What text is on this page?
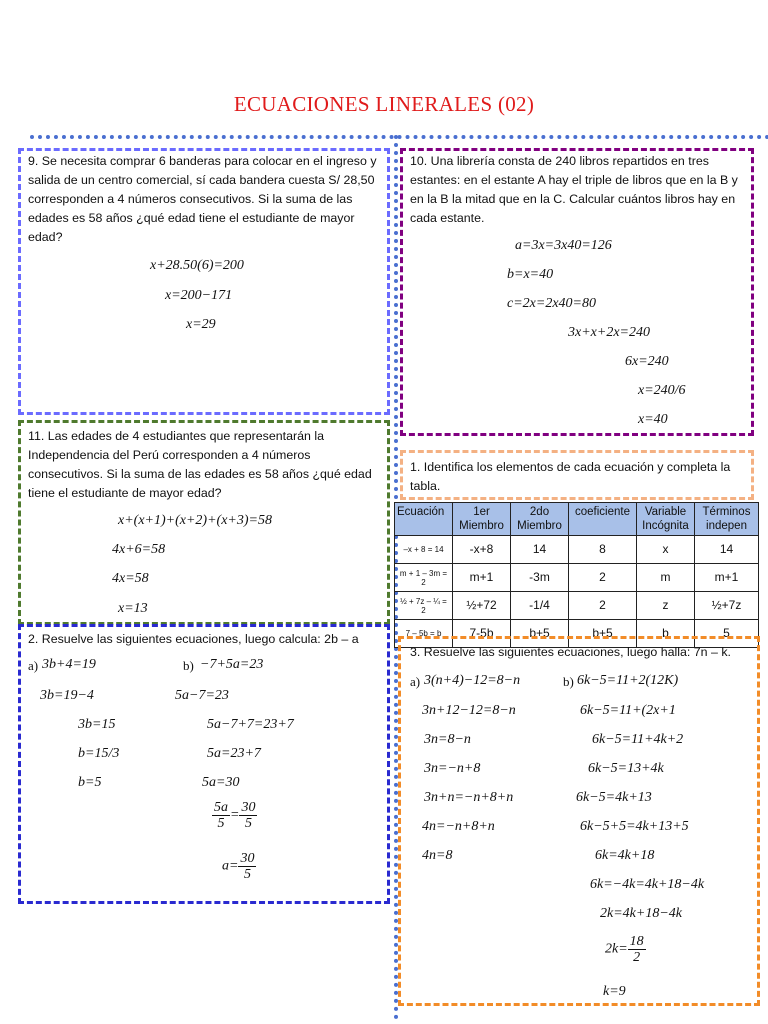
ECUACIONES LINERALES (02)
9. Se necesita comprar 6 banderas para colocar en el ingreso y salida de un centro comercial, sí cada bandera cuesta S/ 28,50 corresponden a 4 números consecutivos. Si la suma de las edades es 58 años ¿qué edad tiene el estudiante de mayor edad?
x+28.50(6)=200
x=200−171
x=29
10. Una librería consta de 240 libros repartidos en tres estantes: en el estante A hay el triple de libros que en la B y en la B la mitad que en la C. Calcular cuántos libros hay en cada estante.
a=3x=3x40=126
b=x=40
c=2x=2x40=80
3x+x+2x=240
6x=240
x=240/6
x=40
11. Las edades de 4 estudiantes que representarán la Independencia del Perú corresponden a 4 números consecutivos. Si la suma de las edades es 58 años ¿qué edad tiene el estudiante de mayor edad?
x+(x+1)+(x+2)+(x+3)=58
4x+6=58
4x=58
x=13
1. Identifica los elementos de cada ecuación y completa la tabla.
Ecuación	1er Miembro	2do Miembro	coeficiente	Variable Incógnita	Términos indepen
–x + 8 = 14	-x+8	14	8	x	14
m + 1 – 3m = 2	m+1	-3m	2	m	m+1
½ + 7z – ¼ = 2	½+72	-1/4	2	z	½+7z
7 – 5b = b	7-5b	b+5	b+5	b	5
2. Resuelve las siguientes ecuaciones, luego calcula: 2b – a
a) 3b+4=19
3b=19−4
3b=15
b=15/3
b=5
b) −7+5a=23
5a−7=23
5a−7+7=23+7
5a=23+7
5a=30
$\frac{5a}{5} = \frac{30}{5}$
$a= \frac{30}{5}$
3. Resuelve las siguientes ecuaciones, luego halla: 7n – k.
a) 3(n+4)−12=8−n
3n+12−12=8−n
3n=8−n
3n=−n+8
3n+n=−n+8+n
4n=−n+8+n
4n=8
b) 6k−5=11+2(12K)
6k−5=11+(2x+1
6k−5=11+4k+2
6k−5=13+4k
6k−5=4k+13
6k−5+5=4k+13+5
6k=4k+18
6k=−4k=4k+18−4k
2k=4k+18−4k
$2k= \frac{18}{2}$
k=9
